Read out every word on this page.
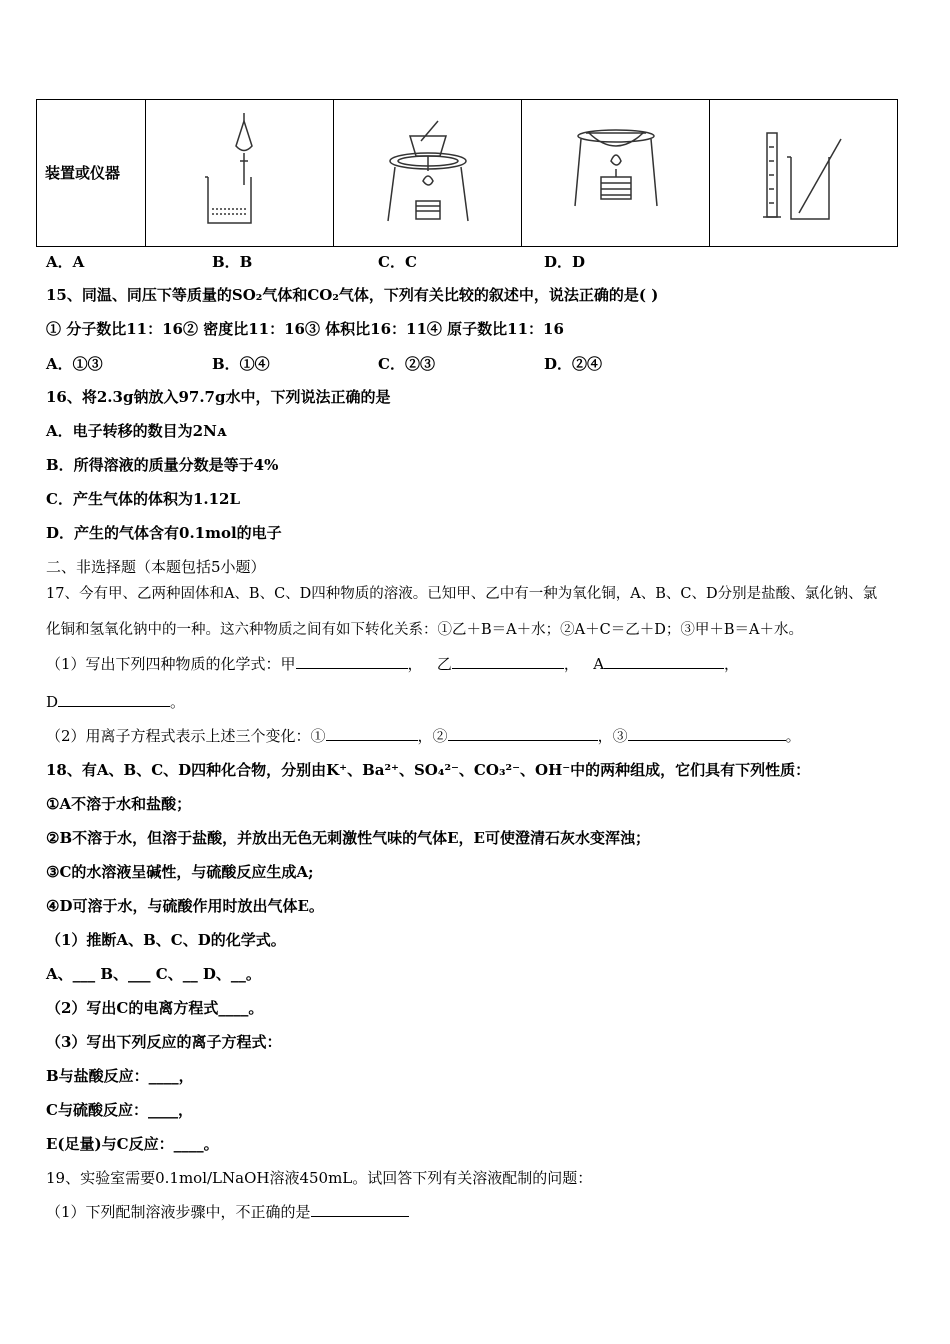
装置或仪器				
A．A	B．B	C．C	D．D
15、同温、同压下等质量的SO₂气体和CO₂气体，下列有关比较的叙述中，说法正确的是( )
① 分子数比11：16② 密度比11：16③ 体积比16：11④ 原子数比11：16
A．①③	B．①④	C．②③	D．②④
16、将2.3g钠放入97.7g水中，下列说法正确的是
A．电子转移的数目为2Nᴀ
B．所得溶液的质量分数是等于4%
C．产生气体的体积为1.12L
D．产生的气体含有0.1mol的电子
二、非选择题（本题包括5小题）
17、今有甲、乙两种固体和A、B、C、D四种物质的溶液。已知甲、乙中有一种为氧化铜，A、B、C、D分别是盐酸、氯化钠、氯
化铜和氢氧化钠中的一种。这六种物质之间有如下转化关系：①乙＋B＝A＋水；②A＋C＝乙＋D；③甲＋B＝A＋水。
（1）写出下列四种物质的化学式：甲	，   乙	，   A	，
D	。
（2）用离子方程式表示上述三个变化：①	，②	，③	。
18、有A、B、C、D四种化合物，分别由K⁺、Ba²⁺、SO₄²⁻、CO₃²⁻、OH⁻中的两种组成，它们具有下列性质：
①A不溶于水和盐酸；
②B不溶于水，但溶于盐酸，并放出无色无刺激性气味的气体E，E可使澄清石灰水变浑浊；
③C的水溶液呈碱性，与硫酸反应生成A;
④D可溶于水，与硫酸作用时放出气体E。
（1）推断A、B、C、D的化学式。
A、___ B、___ C、__ D、__。
（2）写出C的电离方程式____。
（3）写出下列反应的离子方程式：
B与盐酸反应：____，
C与硫酸反应：____，
E(足量)与C反应：____。
19、实验室需要0.1mol/LNaOH溶液450mL。试回答下列有关溶液配制的问题：
（1）下列配制溶液步骤中，不正确的是
